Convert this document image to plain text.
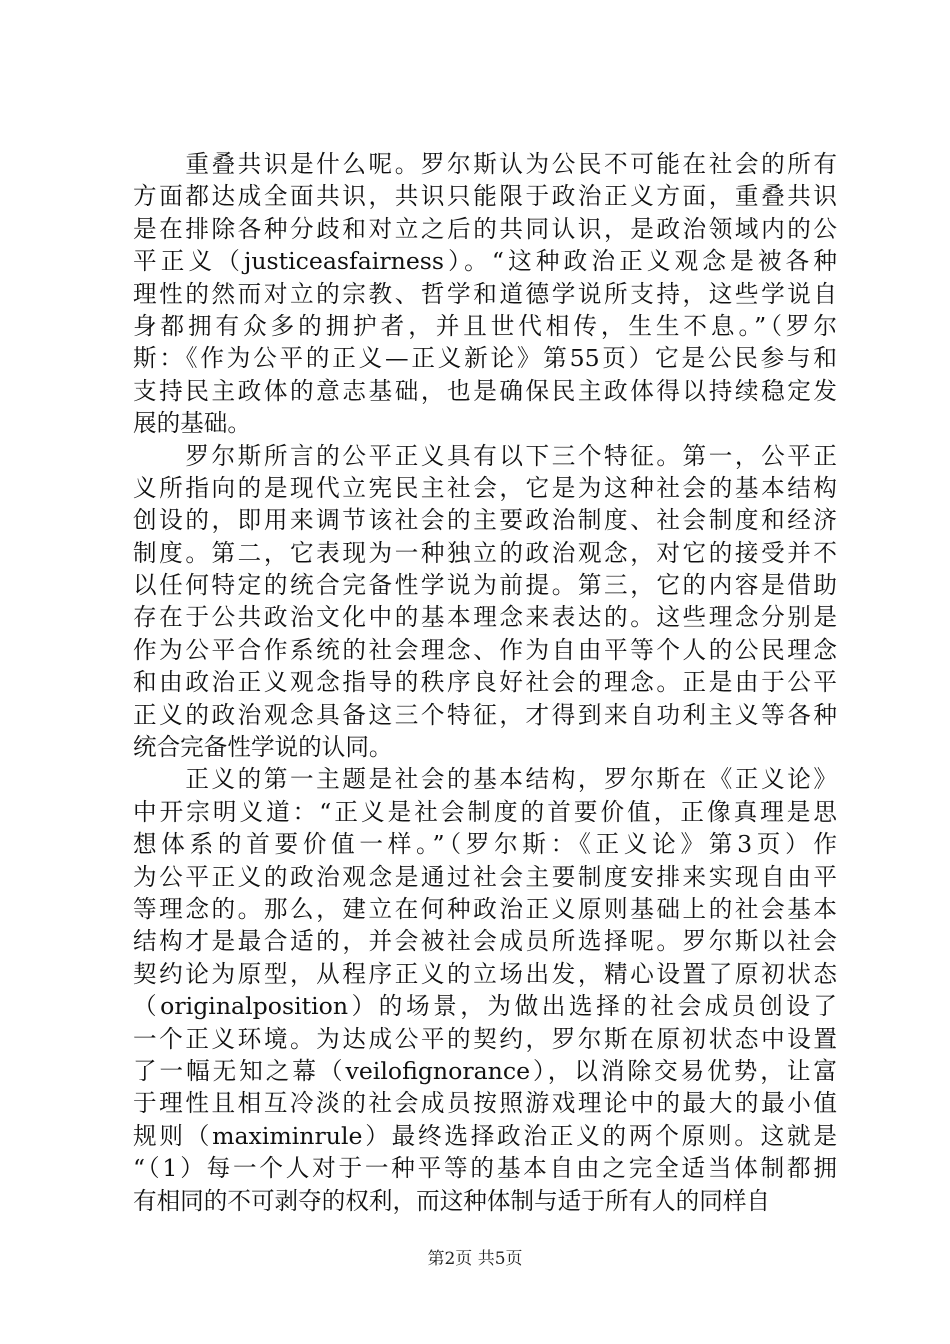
　　重叠共识是什么呢。罗尔斯认为公民不可能在社会的所有
方面都达成全面共识，共识只能限于政治正义方面，重叠共识
是在排除各种分歧和对立之后的共同认识，是政治领域内的公
平正义（justiceasfairness）。“这种政治正义观念是被各种
理性的然而对立的宗教、哲学和道德学说所支持，这些学说自
身都拥有众多的拥护者，并且世代相传，生生不息。”（罗尔
斯：《作为公平的正义—正义新论》第55页）它是公民参与和
支持民主政体的意志基础，也是确保民主政体得以持续稳定发
展的基础。
　　罗尔斯所言的公平正义具有以下三个特征。第一，公平正
义所指向的是现代立宪民主社会，它是为这种社会的基本结构
创设的，即用来调节该社会的主要政治制度、社会制度和经济
制度。第二，它表现为一种独立的政治观念，对它的接受并不
以任何特定的统合完备性学说为前提。第三，它的内容是借助
存在于公共政治文化中的基本理念来表达的。这些理念分别是
作为公平合作系统的社会理念、作为自由平等个人的公民理念
和由政治正义观念指导的秩序良好社会的理念。正是由于公平
正义的政治观念具备这三个特征，才得到来自功利主义等各种
统合完备性学说的认同。
　　正义的第一主题是社会的基本结构，罗尔斯在《正义论》
中开宗明义道：“正义是社会制度的首要价值，正像真理是思
想体系的首要价值一样。”（罗尔斯：《正义论》第3页）作
为公平正义的政治观念是通过社会主要制度安排来实现自由平
等理念的。那么，建立在何种政治正义原则基础上的社会基本
结构才是最合适的，并会被社会成员所选择呢。罗尔斯以社会
契约论为原型，从程序正义的立场出发，精心设置了原初状态
（originalposition）的场景，为做出选择的社会成员创设了
一个正义环境。为达成公平的契约，罗尔斯在原初状态中设置
了一幅无知之幕（veilofignorance），以消除交易优势，让富
于理性且相互冷淡的社会成员按照游戏理论中的最大的最小值
规则（maximinrule）最终选择政治正义的两个原则。这就是
“（1）每一个人对于一种平等的基本自由之完全适当体制都拥
有相同的不可剥夺的权利，而这种体制与适于所有人的同样自
第2页 共5页
